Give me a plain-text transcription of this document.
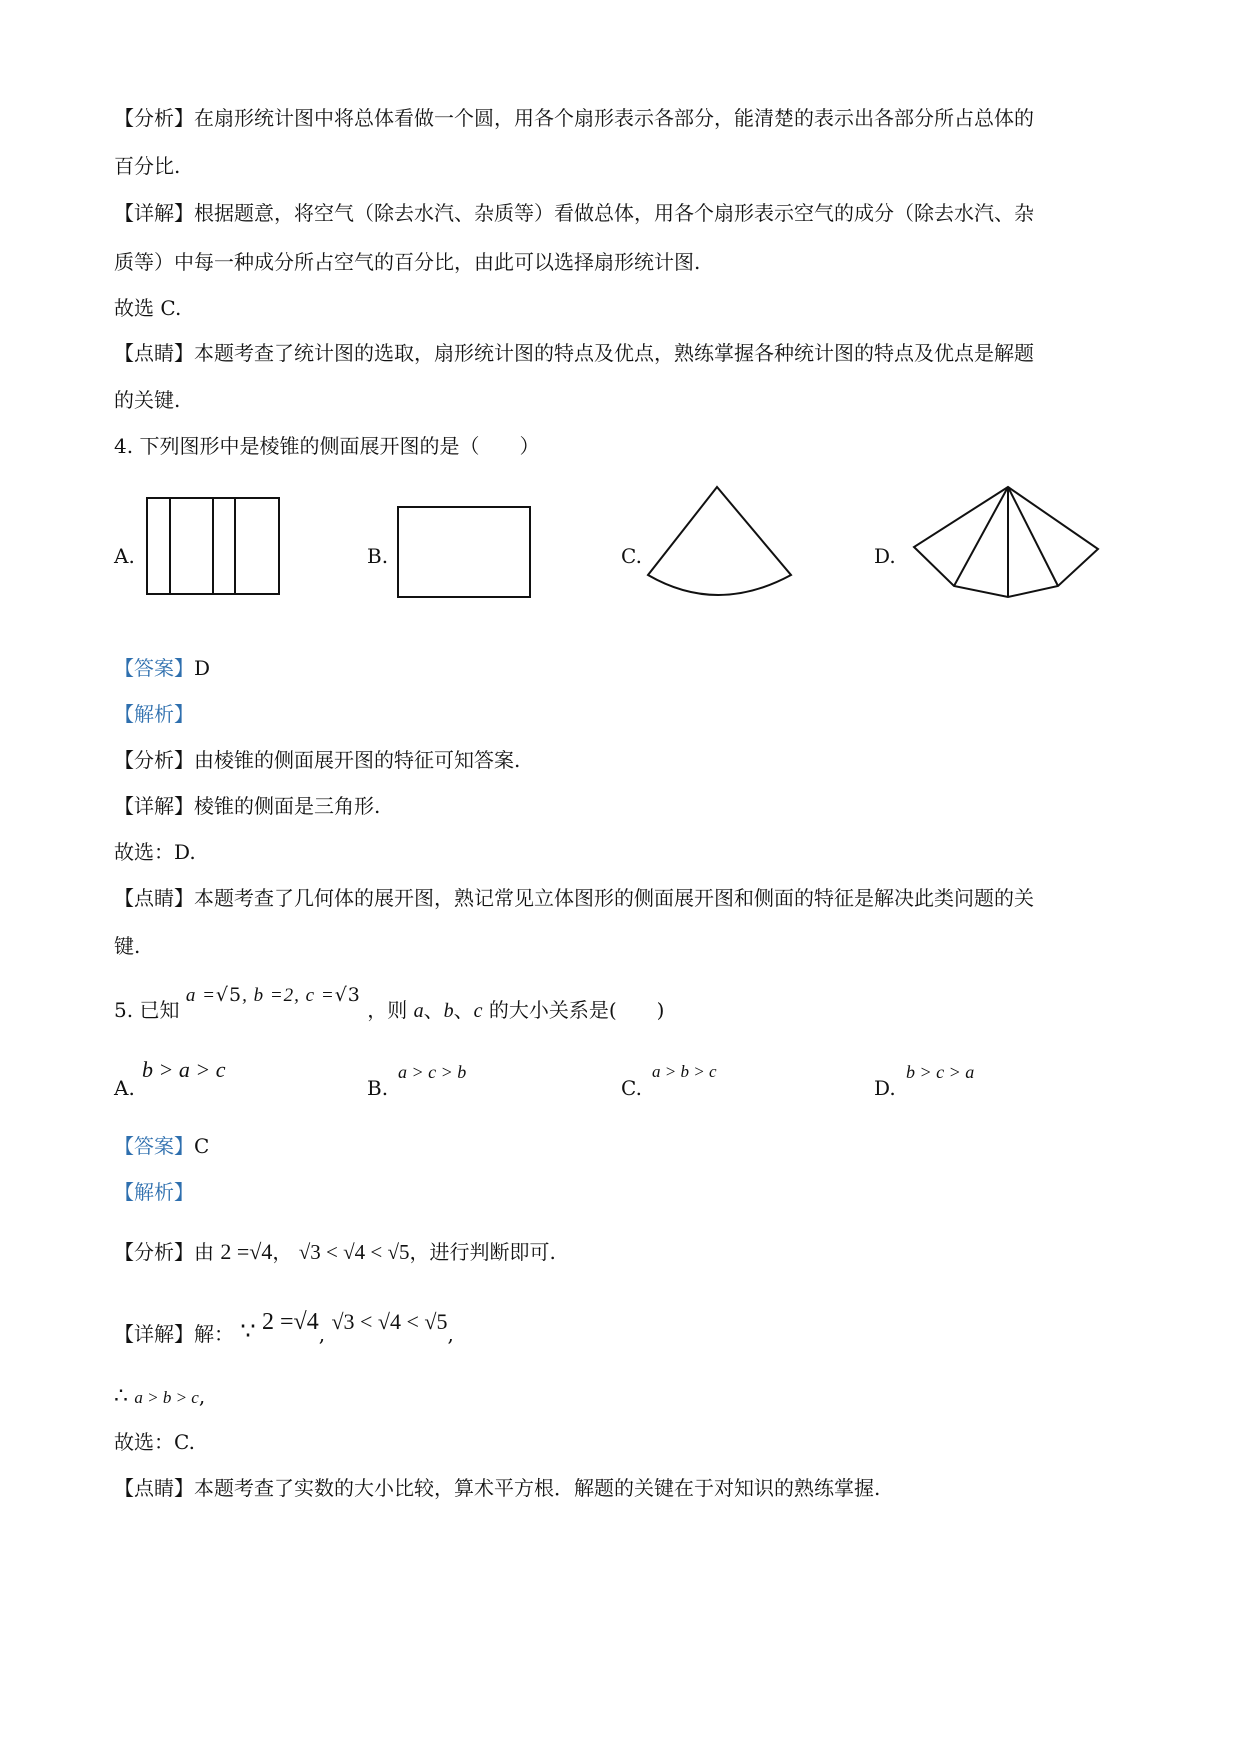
【分析】在扇形统计图中将总体看做一个圆，用各个扇形表示各部分，能清楚的表示出各部分所占总体的
百分比.
【详解】根据题意，将空气（除去水汽、杂质等）看做总体，用各个扇形表示空气的成分（除去水汽、杂
质等）中每一种成分所占空气的百分比，由此可以选择扇形统计图.
故选 C.
【点睛】本题考查了统计图的选取，扇形统计图的特点及优点，熟练掌握各种统计图的特点及优点是解题
的关键.
4. 下列图形中是棱锥的侧面展开图的是（　　）
A.	B.	C.	D.
【答案】D
【解析】
【分析】由棱锥的侧面展开图的特征可知答案.
【详解】棱锥的侧面是三角形.
故选：D.
【点睛】本题考查了几何体的展开图，熟记常见立体图形的侧面展开图和侧面的特征是解决此类问题的关
键.
5. 已知 a =√5, b =2, c =√3 ，则 a、b、c 的大小关系是(　　)
A.
b > a > c
B.
a > c > b
C.
a > b > c
D.
b > c > a
【答案】C
【解析】
【分析】由 2 =√4， √3 < √4 < √5，进行判断即可.
【详解】解： ∵ 2 =√4, √3 < √4 < √5,
∴ a > b > c,
故选：C.
【点睛】本题考查了实数的大小比较，算术平方根．解题的关键在于对知识的熟练掌握.
